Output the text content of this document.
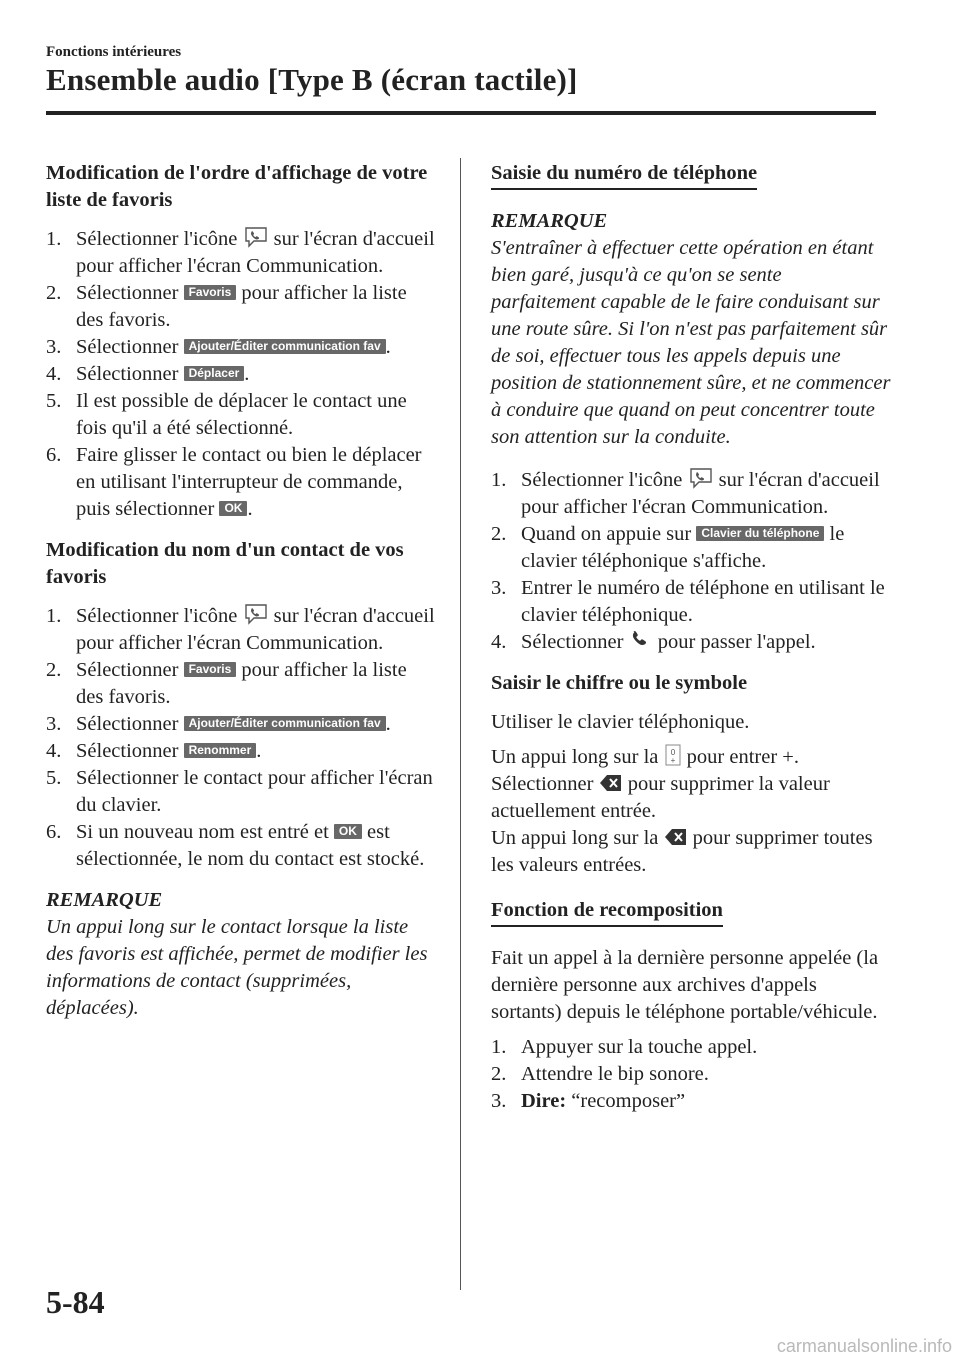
Fonctions intérieures
Ensemble audio [Type B (écran tactile)]

Modification de l'ordre d'affichage de votre liste de favoris

1. Sélectionner l'icône sur l'écran d'accueil pour afficher l'écran Communication.
2. Sélectionner Favoris pour afficher la liste des favoris.
3. Sélectionner Ajouter/Éditer communication fav .
4. Sélectionner Déplacer .
5. Il est possible de déplacer le contact une fois qu'il a été sélectionné.
6. Faire glisser le contact ou bien le déplacer en utilisant l'interrupteur de commande, puis sélectionner OK .

Modification du nom d'un contact de vos favoris

1. Sélectionner l'icône sur l'écran d'accueil pour afficher l'écran Communication.
2. Sélectionner Favoris pour afficher la liste des favoris.
3. Sélectionner Ajouter/Éditer communication fav .
4. Sélectionner Renommer .
5. Sélectionner le contact pour afficher l'écran du clavier.
6. Si un nouveau nom est entré et OK est sélectionnée, le nom du contact est stocké.

REMARQUE

Un appui long sur le contact lorsque la liste des favoris est affichée, permet de modifier les informations de contact (supprimées, déplacées).

Saisie du numéro de téléphone

REMARQUE

S'entraîner à effectuer cette opération en étant bien garé, jusqu'à ce qu'on se sente parfaitement capable de le faire conduisant sur une route sûre. Si l'on n'est pas parfaitement sûr de soi, effectuer tous les appels depuis une position de stationnement sûre, et ne commencer à conduire que quand on peut concentrer toute son attention sur la conduite.

1. Sélectionner l'icône sur l'écran d'accueil pour afficher l'écran Communication.
2. Quand on appuie sur Clavier du téléphone le clavier téléphonique s'affiche.
3. Entrer le numéro de téléphone en utilisant le clavier téléphonique.
4. Sélectionner pour passer l'appel.

Saisir le chiffre ou le symbole

Utiliser le clavier téléphonique.

Un appui long sur la 0
+ pour entrer +.

Sélectionner pour supprimer la valeur actuellement entrée.

Un appui long sur la pour supprimer toutes les valeurs entrées.

Fonction de recomposition

Fait un appel à la dernière personne appelée (la dernière personne aux archives d'appels sortants) depuis le téléphone portable/véhicule.

1. Appuyer sur la touche appel.
2. Attendre le bip sonore.
3. Dire: “recomposer”
5-84
carmanualsonline.info
